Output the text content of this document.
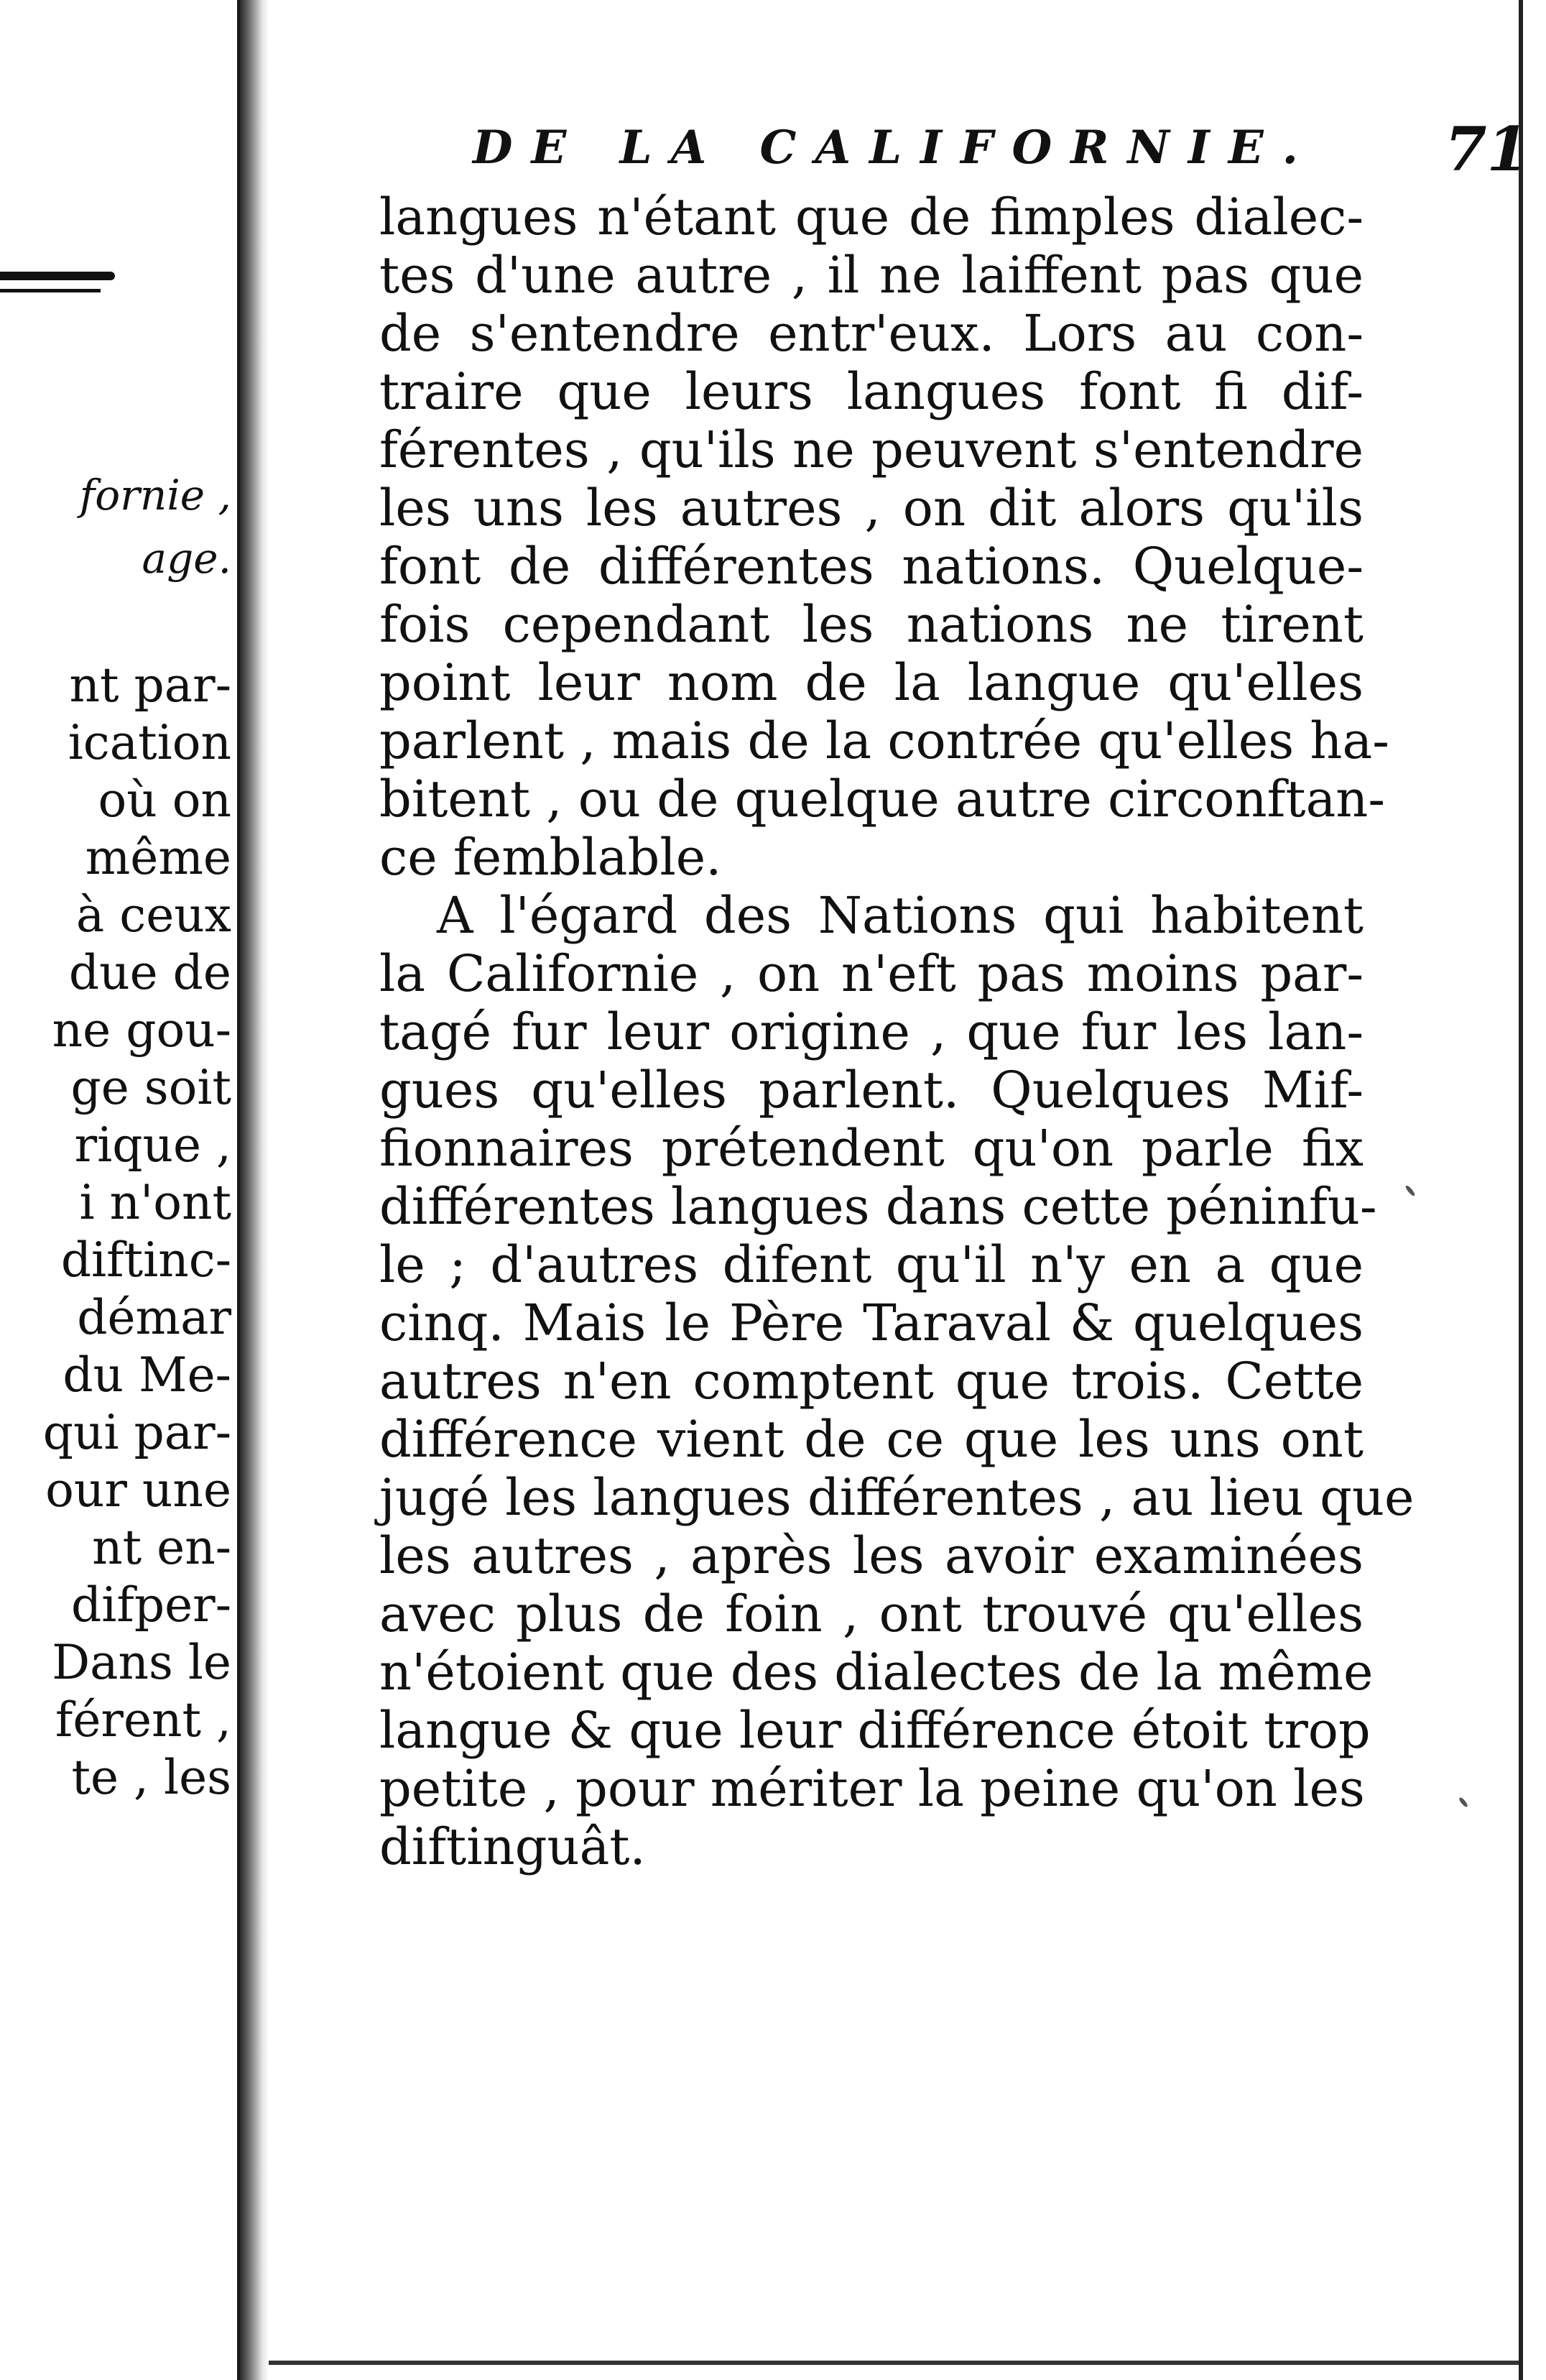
fornie ,
age.
nt par-
ication
où on
même
à ceux
due de
ne gou-
ge soit
rique ,
i n'ont
diftinc-
démar
du Me-
qui par-
our une
nt en-
difper-
Dans le
férent ,
te , les
DE LA CALIFORNIE. 71
langues n'étant que de fimples dialec-
tes d'une autre , il ne laiffent pas que
de s'entendre entr'eux. Lors au con-
traire que leurs langues font fi dif-
férentes , qu'ils ne peuvent s'entendre
les uns les autres , on dit alors qu'ils
font de différentes nations. Quelque-
fois cependant les nations ne tirent
point leur nom de la langue qu'elles
parlent , mais de la contrée qu'elles ha-
bitent , ou de quelque autre circonftan-
ce femblable.
A l'égard des Nations qui habitent
la Californie , on n'eft pas moins par-
tagé fur leur origine , que fur les lan-
gues qu'elles parlent. Quelques Mif-
fionnaires prétendent qu'on parle fix
différentes langues dans cette péninfu-
le ; d'autres difent qu'il n'y en a que
cinq. Mais le Père Taraval & quelques
autres n'en comptent que trois. Cette
différence vient de ce que les uns ont
jugé les langues différentes , au lieu que
les autres , après les avoir examinées
avec plus de foin , ont trouvé qu'elles
n'étoient que des dialectes de la même
langue & que leur différence étoit trop
petite , pour mériter la peine qu'on les
diftinguât.
